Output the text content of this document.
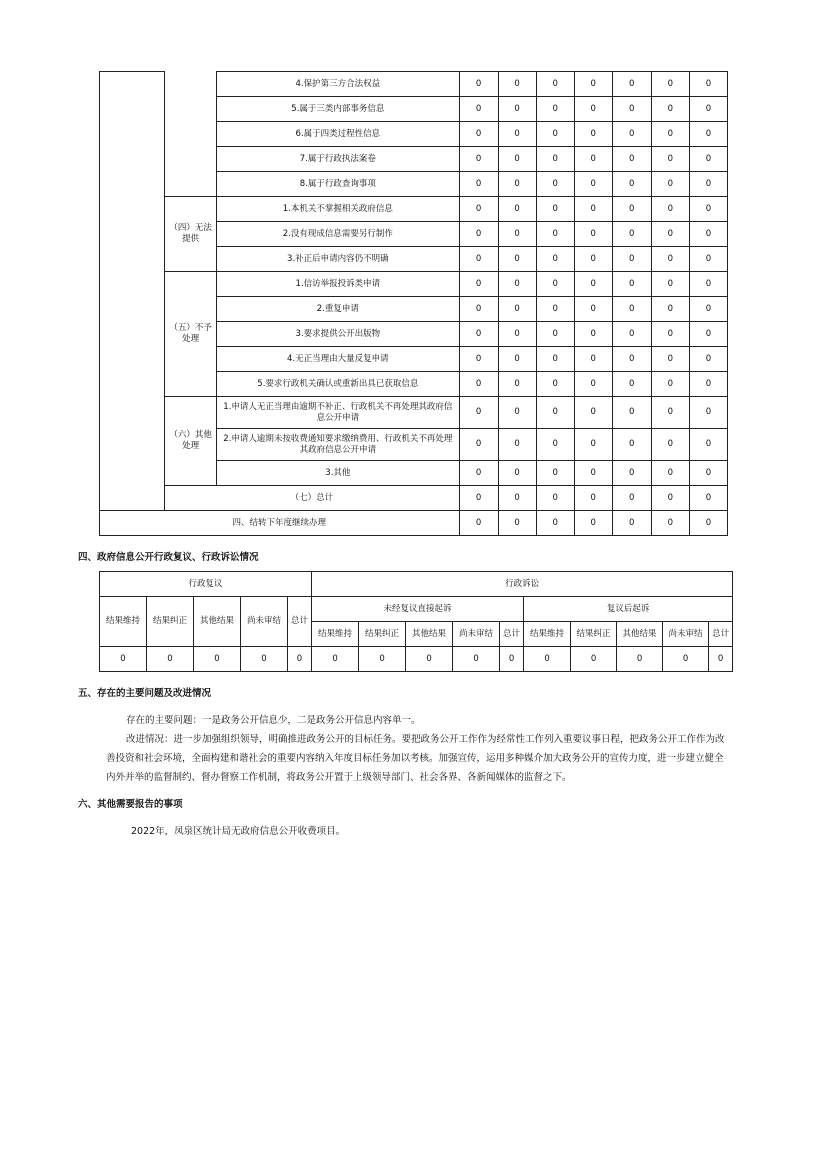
		4.保护第三方合法权益	0	0	0	0	0	0	0
		5.属于三类内部事务信息	0	0	0	0	0	0	0
		6.属于四类过程性信息	0	0	0	0	0	0	0
		7.属于行政执法案卷	0	0	0	0	0	0	0
		8.属于行政查询事项	0	0	0	0	0	0	0
	（四）无法提供	1.本机关不掌握相关政府信息	0	0	0	0	0	0	0
		2.没有现成信息需要另行制作	0	0	0	0	0	0	0
		3.补正后申请内容仍不明确	0	0	0	0	0	0	0
	（五）不予处理	1.信访举报投诉类申请	0	0	0	0	0	0	0
		2.重复申请	0	0	0	0	0	0	0
		3.要求提供公开出版物	0	0	0	0	0	0	0
		4.无正当理由大量反复申请	0	0	0	0	0	0	0
		5.要求行政机关确认或重新出具已获取信息	0	0	0	0	0	0	0
	（六）其他处理	1.申请人无正当理由逾期不补正、行政机关不再处理其政府信息公开申请	0	0	0	0	0	0	0
		2.申请人逾期未按收费通知要求缴纳费用、行政机关不再处理其政府信息公开申请	0	0	0	0	0	0	0
		3.其他	0	0	0	0	0	0	0
	（七）总计		0	0	0	0	0	0	0
四、结转下年度继续办理			0	0	0	0	0	0	0
四、政府信息公开行政复议、行政诉讼情况
行政复议					行政诉讼									
结果维持	结果纠正	其他结果	尚未审结	总计	未经复议直接起诉					复议后起诉				
					结果维持	结果纠正	其他结果	尚未审结	总计	结果维持	结果纠正	其他结果	尚未审结	总计
0	0	0	0	0	0	0	0	0	0	0	0	0	0	0
五、存在的主要问题及改进情况
存在的主要问题：一是政务公开信息少，二是政务公开信息内容单一。
改进情况：进一步加强组织领导，明确推进政务公开的目标任务。要把政务公开工作作为经常性工作列入重要议事日程，把政务公开工作作为改善投资和社会环境，全面构建和谐社会的重要内容纳入年度目标任务加以考核。加强宣传，运用多种媒介加大政务公开的宣传力度，进一步建立健全内外并举的监督制约、督办督察工作机制，将政务公开置于上级领导部门、社会各界、各新闻媒体的监督之下。
六、其他需要报告的事项
2022年，凤泉区统计局无政府信息公开收费项目。
